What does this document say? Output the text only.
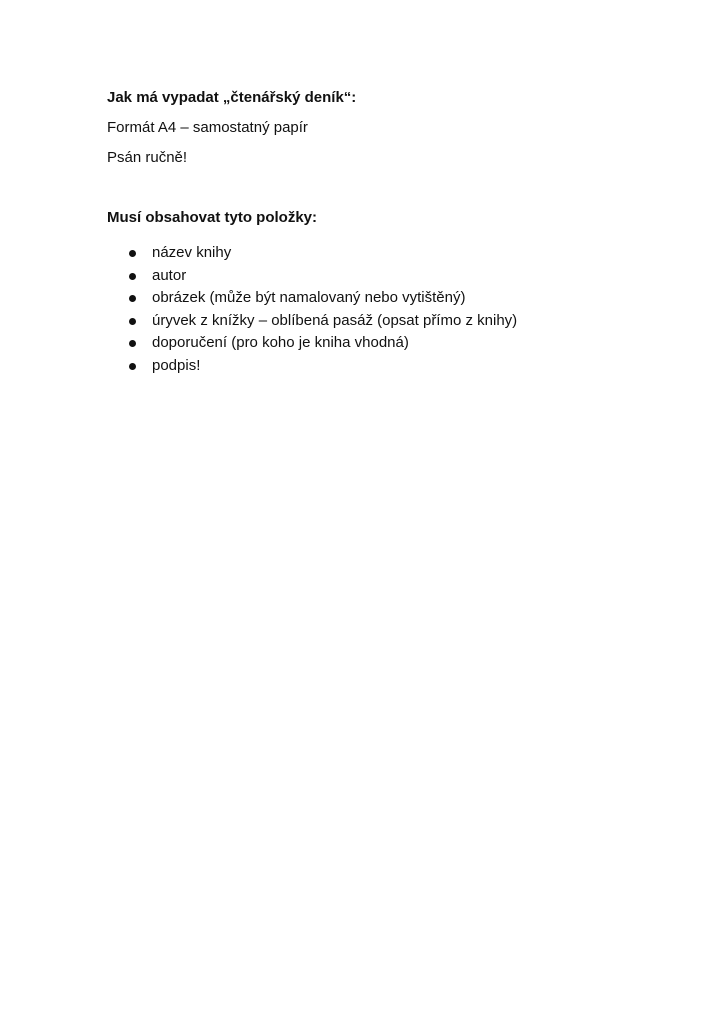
Jak má vypadat „čtenářský deník“:

Formát A4 – samostatný papír

Psán ručně!

Musí obsahovat tyto položky:

název knihy
autor
obrázek (může být namalovaný nebo vytištěný)
úryvek z knížky – oblíbená pasáž (opsat přímo z knihy)
doporučení (pro koho je kniha vhodná)
podpis!
